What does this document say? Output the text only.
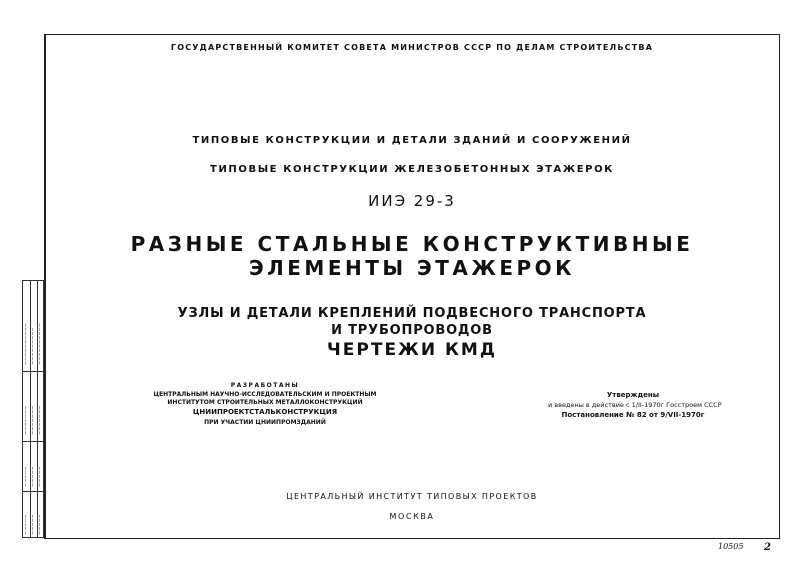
~~~~~~~~~~ ~~~~~~~~~ ~~~~~~~~~~
~~~~~~~ ~~~~~~~ ~~~~~~~
~~~~~ ~~~~~ ~~~~~
~~~~~ ~~~~~ ~~~~~
ГОСУДАРСТВЕННЫЙ КОМИТЕТ СОВЕТА МИНИСТРОВ СССР ПО ДЕЛАМ СТРОИТЕЛЬСТВА
ТИПОВЫЕ КОНСТРУКЦИИ И ДЕТАЛИ ЗДАНИЙ И СООРУЖЕНИЙ
ТИПОВЫЕ КОНСТРУКЦИИ ЖЕЛЕЗОБЕТОННЫХ ЭТАЖЕРОК
ИИЭ 29-3
РАЗНЫЕ СТАЛЬНЫЕ КОНСТРУКТИВНЫЕ
ЭЛЕМЕНТЫ ЭТАЖЕРОК
УЗЛЫ И ДЕТАЛИ КРЕПЛЕНИЙ ПОДВЕСНОГО ТРАНСПОРТА
И ТРУБОПРОВОДОВ
ЧЕРТЕЖИ КМД
РАЗРАБОТАНЫ
ЦЕНТРАЛЬНЫМ НАУЧНО-ИССЛЕДОВАТЕЛЬСКИМ И ПРОЕКТНЫМ
ИНСТИТУТОМ СТРОИТЕЛЬНЫХ МЕТАЛЛОКОНСТРУКЦИЙ
ЦНИИПРОЕКТСТАЛЬКОНСТРУКЦИЯ
ПРИ УЧАСТИИ ЦНИИПРОМЗДАНИЙ
Утверждены
и введены в действие с 1/II-1970г Госстроем СССР
Постановление № 82 от 9/VII-1970г
ЦЕНТРАЛЬНЫЙ ИНСТИТУТ ТИПОВЫХ ПРОЕКТОВ
МОСКВА
10505 2
